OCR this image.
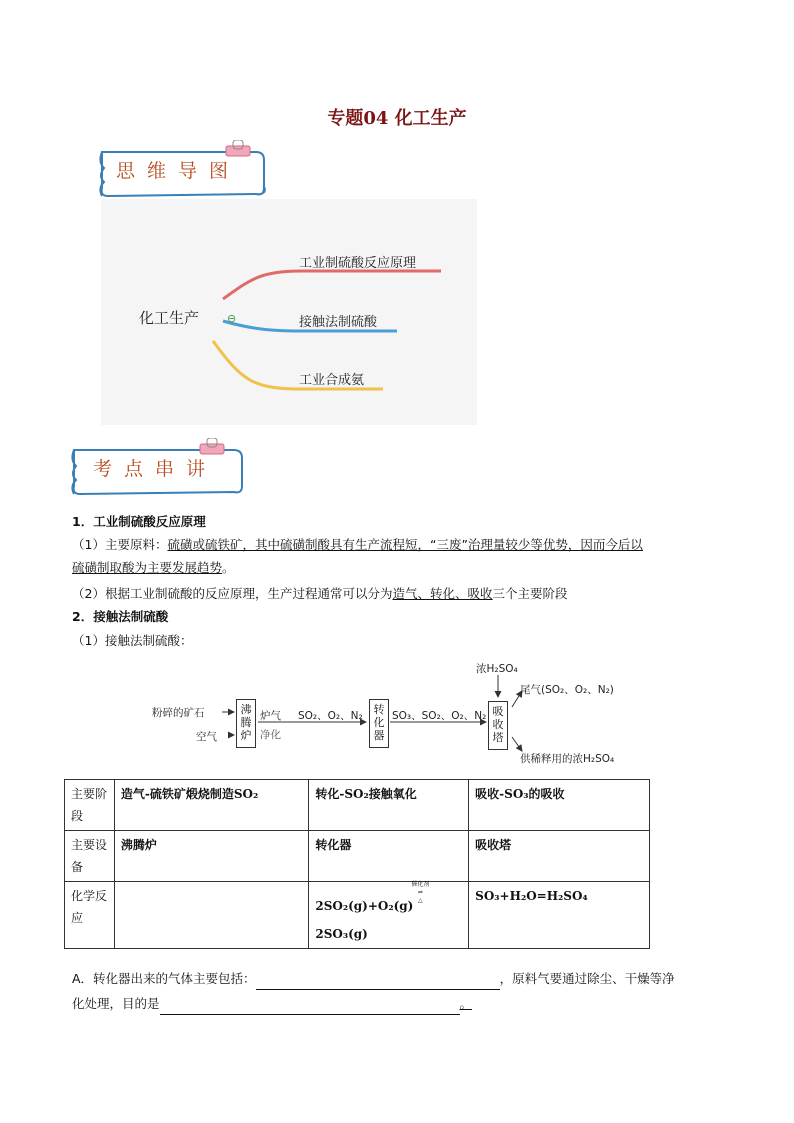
专题04 化工生产
思维导图
化工生产	⊖
工业制硫酸反应原理
接触法制硫酸
工业合成氨
考点串讲
1．工业制硫酸反应原理
（1）主要原料：硫磺或硫铁矿，其中硫磺制酸具有生产流程短，“三废”治理量较少等优势，因而今后以
硫磺制取酸为主要发展趋势。
（2）根据工业制硫酸的反应原理，生产过程通常可以分为造气、转化、吸收三个主要阶段
2．接触法制硫酸
（1）接触法制硫酸：
粉碎的矿石
空气
沸腾炉
炉气
净化
SO₂、O₂、N₂ 转化器
SO₃、SO₂、O₂、N₂
浓H₂SO₄
吸收塔
尾气(SO₂、O₂、N₂)
供稀释用的浓H₂SO₄
主要阶段	造气-硫铁矿煅烧制造SO₂	转化-SO₂接触氧化	吸收-SO₃的吸收
主要设备	沸腾炉	转化器	吸收塔
化学反应		2SO₂(g)+O₂(g)
催化剂
⇌
△
2SO₃(g)	SO₃+H₂O=H₂SO₄
A．转化器出来的气体主要包括：	，原料气要通过除尘、干燥等净
化处理，目的是	。
